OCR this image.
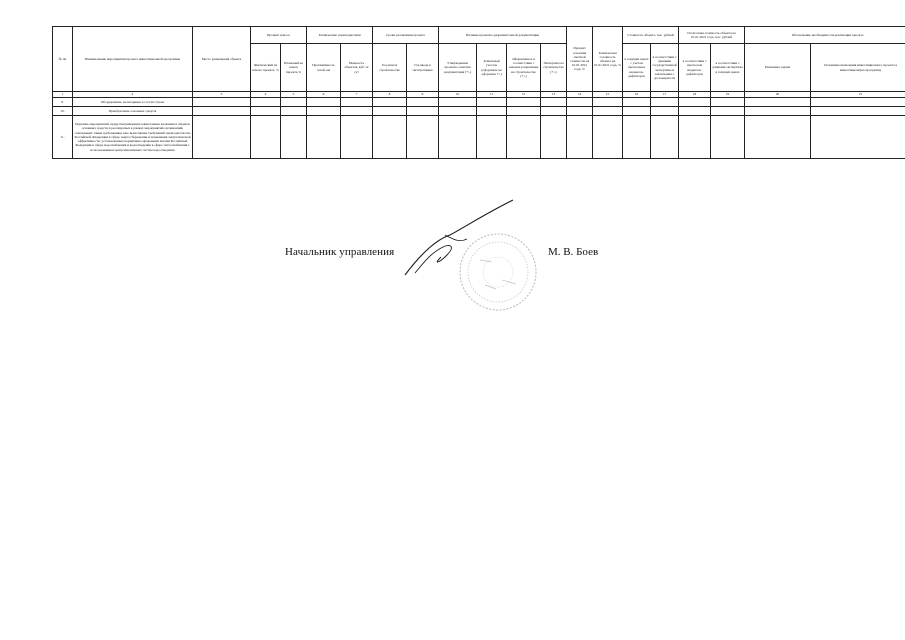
№ пп	Наименование мероприятия проекта инвестиционной программы	Место размещения объекта	Процент износа		Технические характеристики		Сроки реализации проекта		Наличие проектно-разрешительной документации				Процент освоения сметной стоимости на 01.01.2021 года, %	Техническая готовность объекта на 01.01.2021 года, %	Стоимость объекта, тыс. рублей		Остаточная стоимость объекта на 01.01.2021 года, тыс. рублей		Обоснование необходимости реализации проекта	
			Фактический на начало проекта, %	Плановый на конец проекта,%	Протяжённость сетей, км	Мощность объектов, куб. м/сут	Год начала строительства	Год ввода в эксплуатацию	Утвержденная проектно-сметная документация (+/-)	Земельный участок (оформлен/ не оформлен +/-)	Оформленное в соответствии с законом разрешение на строительство (+/-)	Экспертиза на строительство (+/-)			в текущих ценах с учетом прогнозных индексов-дефляторов	в соответствии с данными государственной экспертизы и заключения о достоверности	в соответствии с прогнозом индексов-дефляторов	в соответствии с данными экспертизы в текущих ценах	Решаемые задачи	Основание включения инвестиционного проекта в инвестиционную программу
1	2	3	4	5	6	7	8	9	10	11	12	13	14	15	16	17	18	19	20	21
9.	Оборудование, не входящее в состав строек																			
10.	Приобретение основных средств																			
11.	Перечень мероприятий, предусматривающих капитальные вложения в объекты основных средств и реализуемых в рамках мероприятий организаций, отвечающих таким требованиям, как: выполнение требований законодательства Российской Федерации в сфере энергосбережения и повышения энергетической эффективности, установленных нормативно-правовыми актами Российской Федерации в сфере водоснабжения и водоотведения в сфере теплоснабжения с использованием централизованных систем водоотведения																			
Начальник управления	М. В. Боев
